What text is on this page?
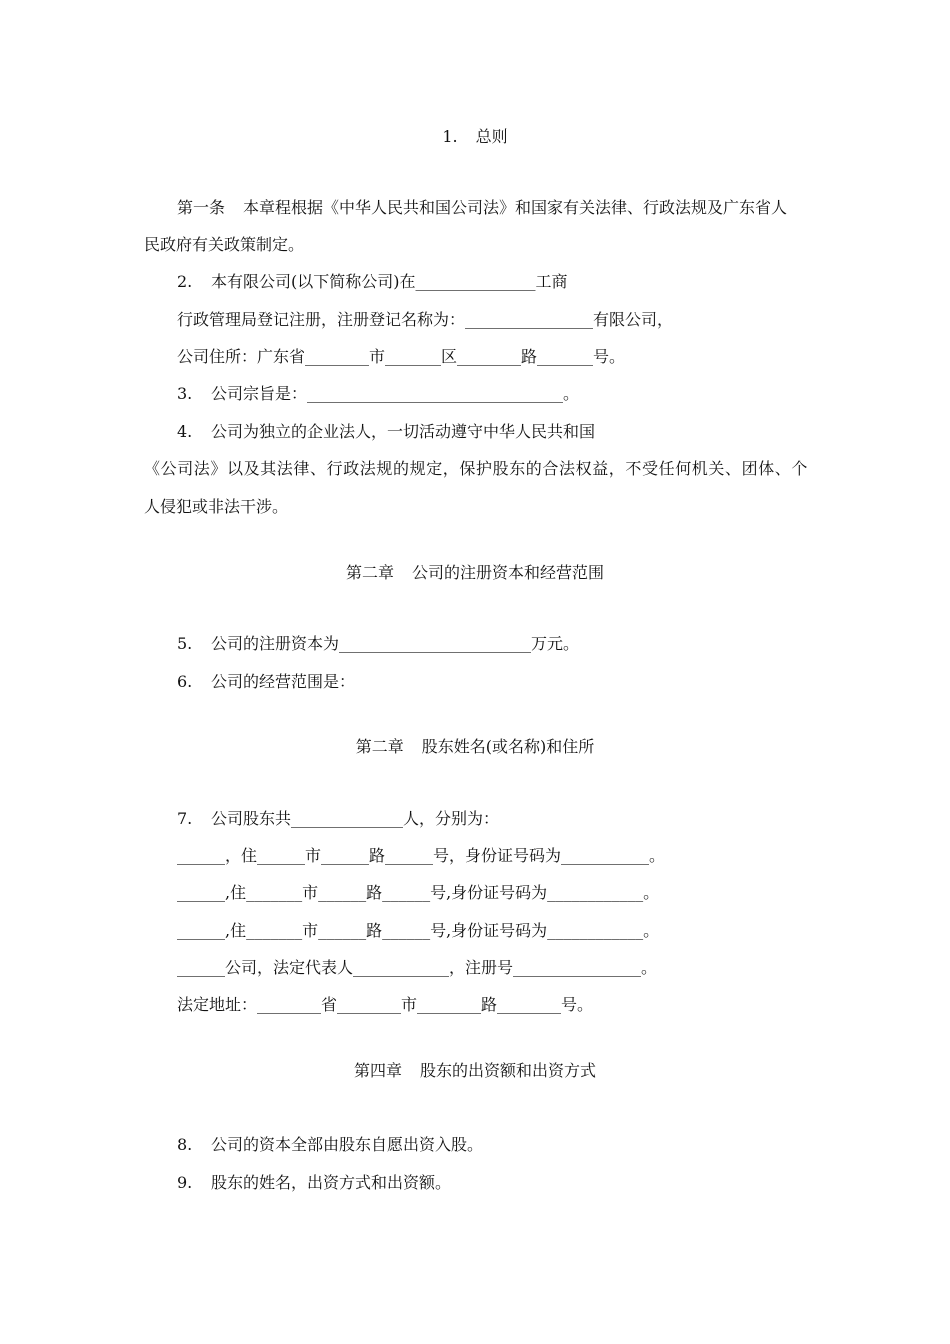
1. 总则
第一条 本章程根据《中华人民共和国公司法》和国家有关法律、行政法规及广东省人
民政府有关政策制定。
2. 本有限公司(以下简称公司)在_______________工商
行政管理局登记注册，注册登记名称为：________________有限公司，
公司住所：广东省________市_______区________路_______号。
3. 公司宗旨是：________________________________。
4. 公司为独立的企业法人，一切活动遵守中华人民共和国
《公司法》以及其法律、行政法规的规定，保护股东的合法权益，不受任何机关、团体、个
人侵犯或非法干涉。
第二章 公司的注册资本和经营范围
5. 公司的注册资本为________________________万元。
6. 公司的经营范围是：
第二章 股东姓名(或名称)和住所
7. 公司股东共______________人，分别为：
______，住______市______路______号，身份证号码为___________。
______,住_______市______路______号,身份证号码为____________。
______,住_______市______路______号,身份证号码为____________。
______公司，法定代表人____________，注册号________________。
法定地址：________省________市________路________号。
第四章 股东的出资额和出资方式
8. 公司的资本全部由股东自愿出资入股。
9. 股东的姓名，出资方式和出资额。
